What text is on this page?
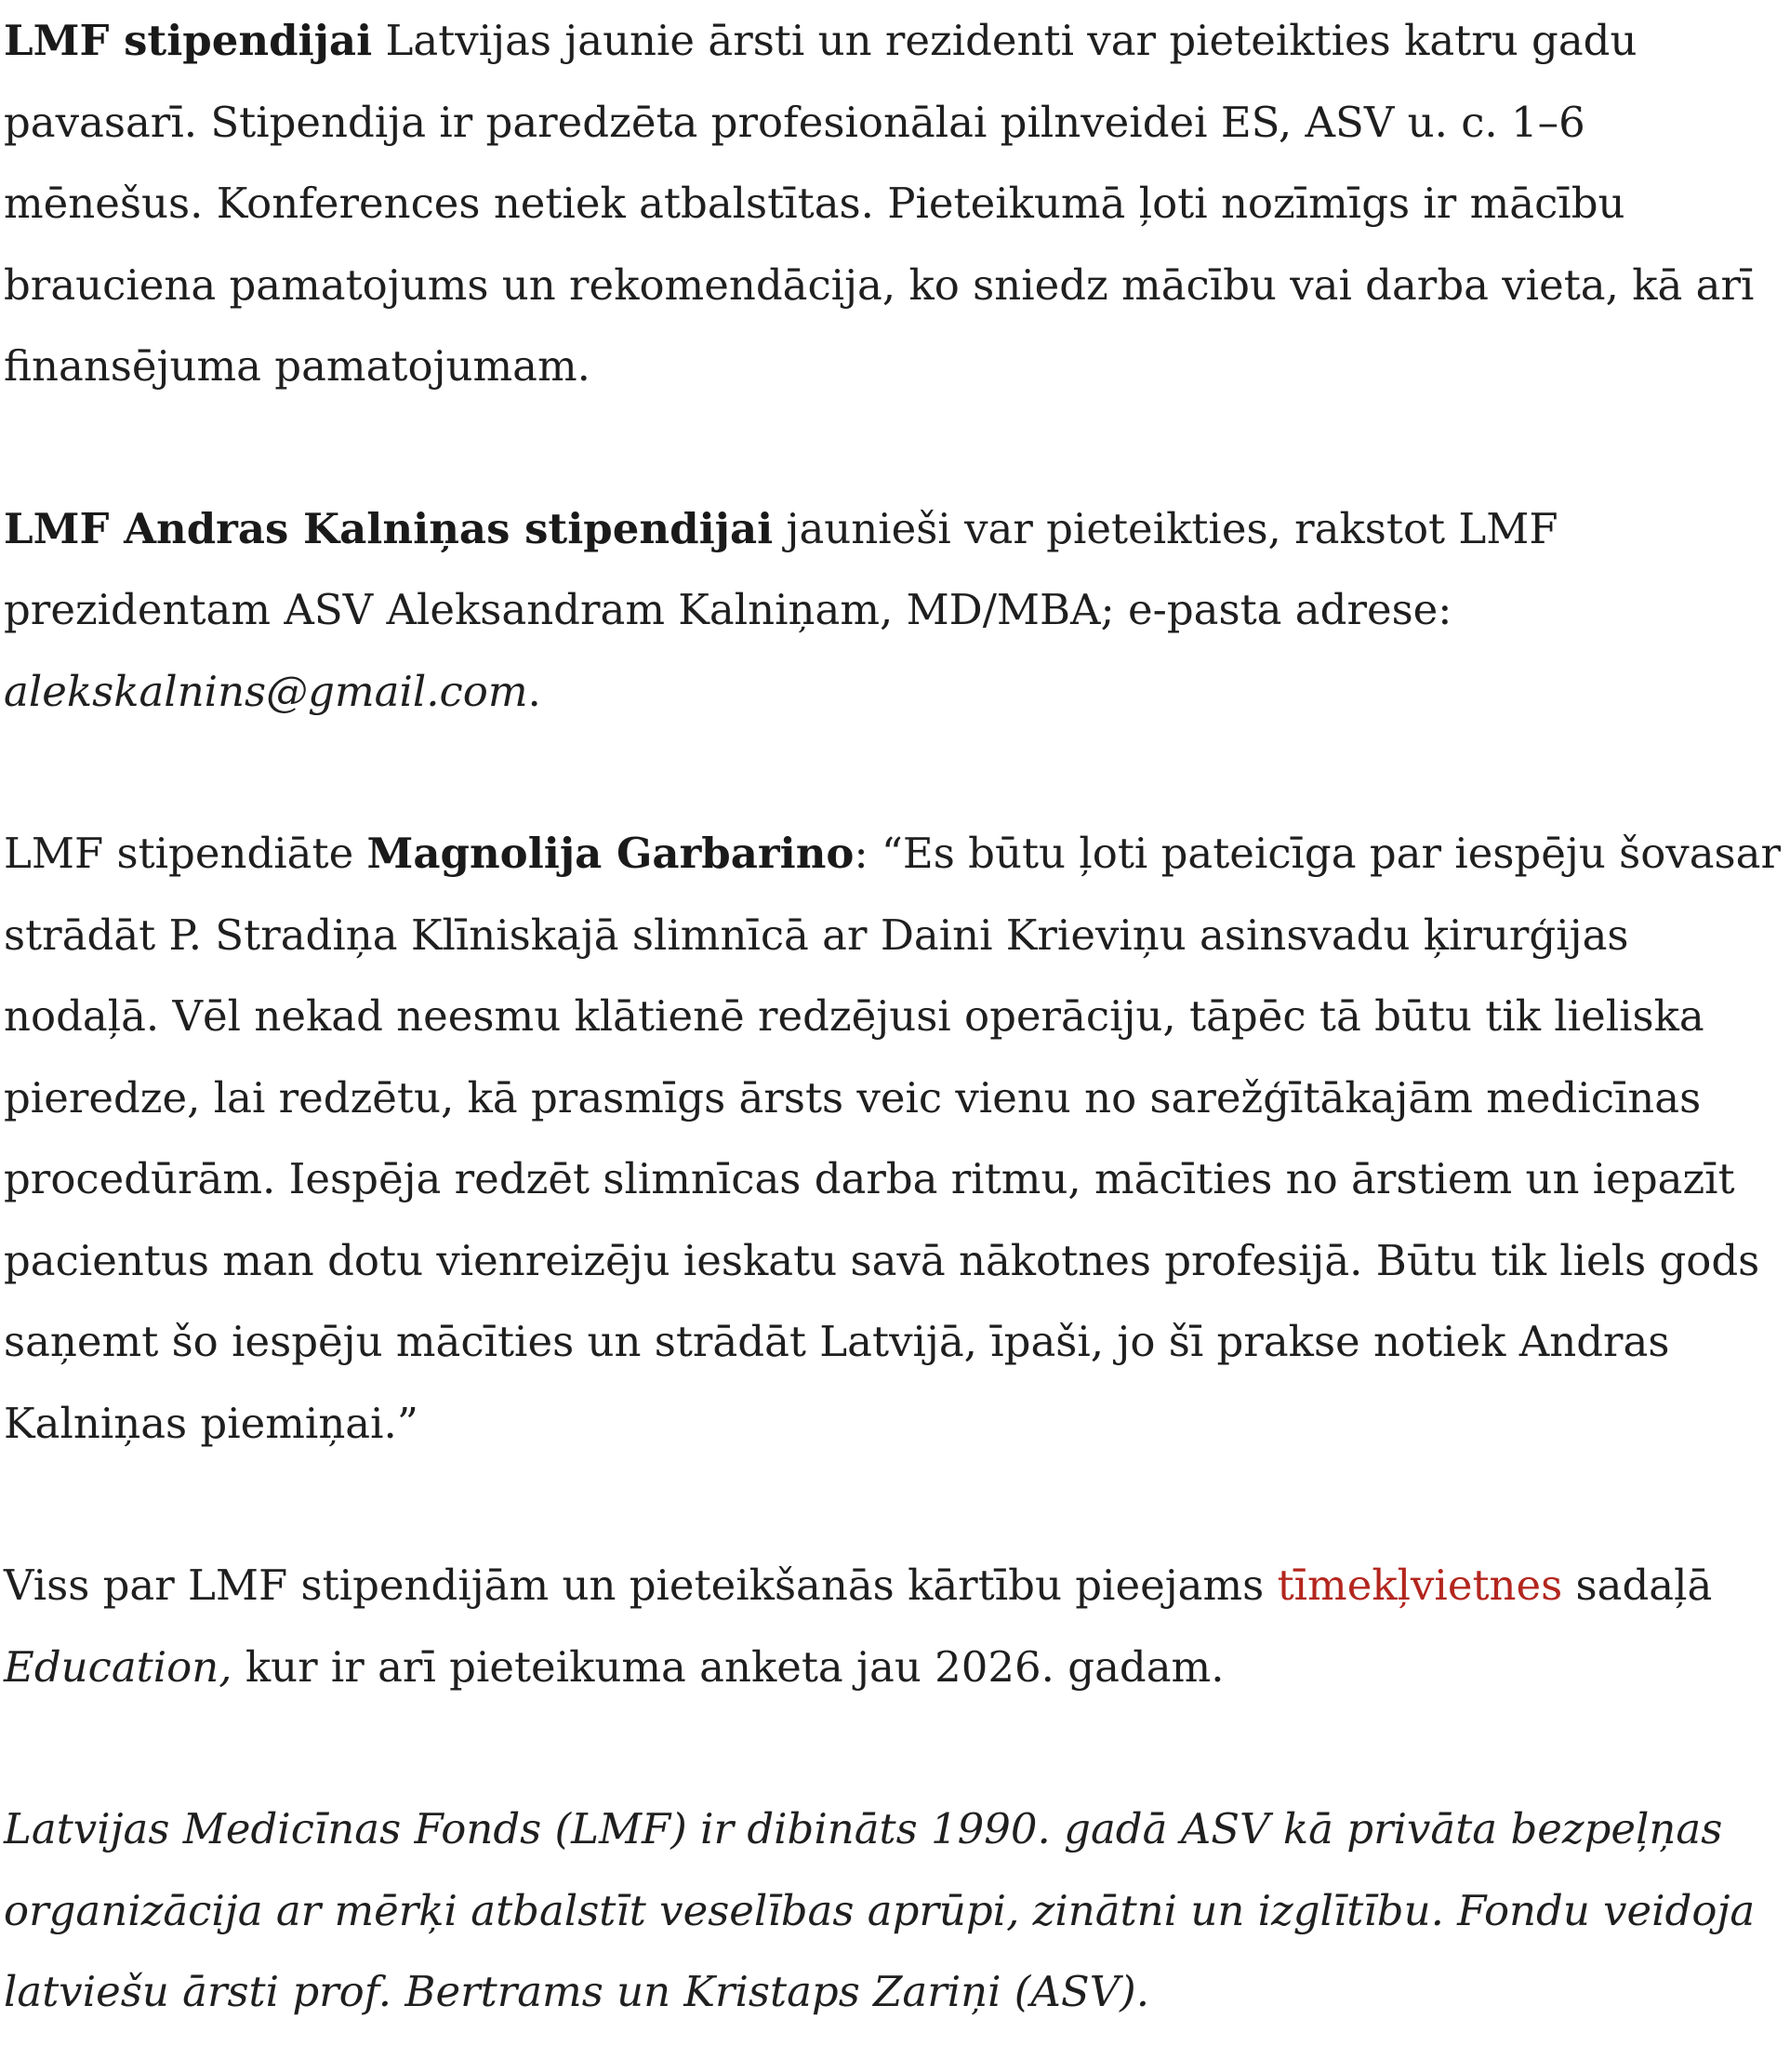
LMF stipendijai Latvijas jaunie ārsti un rezidenti var pieteikties katru gadu pavasarī. Stipendija ir paredzēta profesionālai pilnveidei ES, ASV u. c. 1–6 mēnešus. Konferences netiek atbalstītas. Pieteikumā ļoti nozīmīgs ir mācību brauciena pamatojums un rekomendācija, ko sniedz mācību vai darba vieta, kā arī finansējuma pamatojumam.

LMF Andras Kalniņas stipendijai jaunieši var pieteikties, rakstot LMF prezidentam ASV Aleksandram Kalniņam, MD/MBA; e-pasta adrese: alekskalnins@gmail.com.

LMF stipendiāte Magnolija Garbarino: “Es būtu ļoti pateicīga par iespēju šovasar strādāt P. Stradiņa Klīniskajā slimnīcā ar Daini Krieviņu asinsvadu ķirurģijas nodaļā. Vēl nekad neesmu klātienē redzējusi operāciju, tāpēc tā būtu tik lieliska pieredze, lai redzētu, kā prasmīgs ārsts veic vienu no sarežģītākajām medicīnas procedūrām. Iespēja redzēt slimnīcas darba ritmu, mācīties no ārstiem un iepazīt pacientus man dotu vienreizēju ieskatu savā nākotnes profesijā. Būtu tik liels gods saņemt šo iespēju mācīties un strādāt Latvijā, īpaši, jo šī prakse notiek Andras Kalniņas piemiņai.”

Viss par LMF stipendijām un pieteikšanās kārtību pieejams tīmekļvietnes sadaļā Education, kur ir arī pieteikuma anketa jau 2026. gadam.

Latvijas Medicīnas Fonds (LMF) ir dibināts 1990. gadā ASV kā privāta bezpeļņas organizācija ar mērķi atbalstīt veselības aprūpi, zinātni un izglītību. Fondu veidoja latviešu ārsti prof. Bertrams un Kristaps Zariņi (ASV).
